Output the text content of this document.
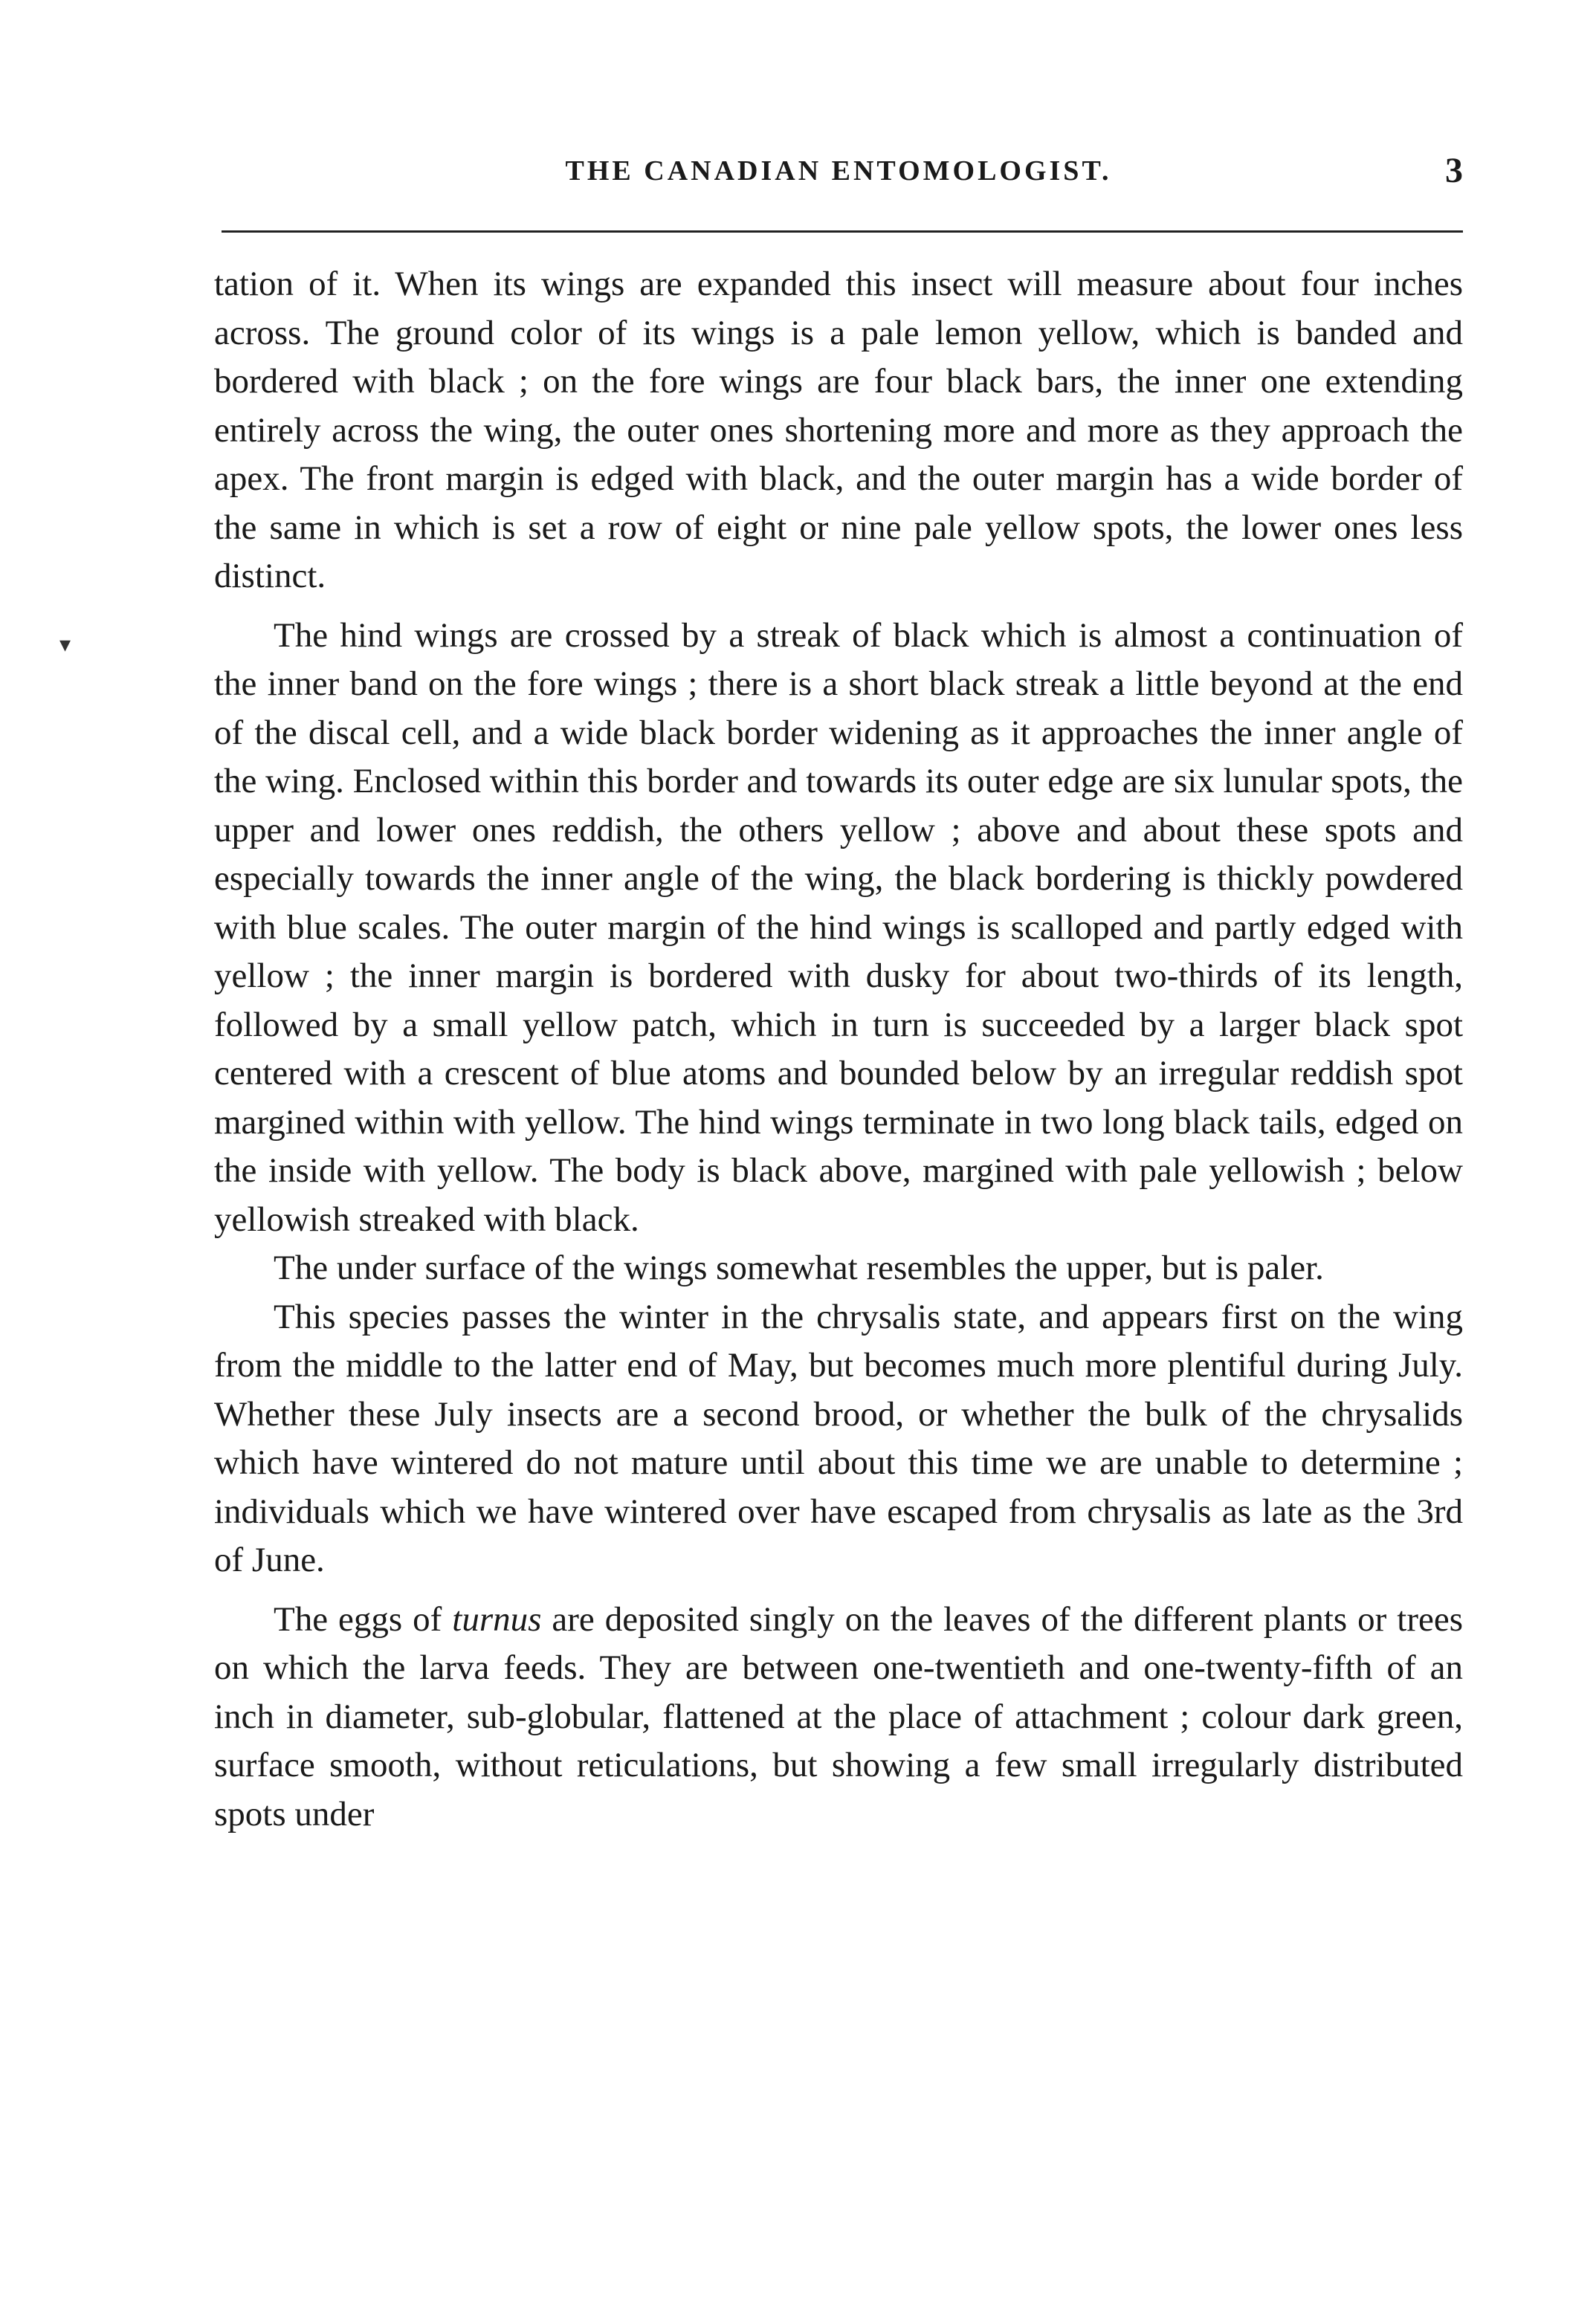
THE CANADIAN ENTOMOLOGIST.	3

tation of it. When its wings are expanded this insect will measure about four inches across. The ground color of its wings is a pale lemon yellow, which is banded and bordered with black ; on the fore wings are four black bars, the inner one extending entirely across the wing, the outer ones shortening more and more as they approach the apex. The front margin is edged with black, and the outer margin has a wide border of the same in which is set a row of eight or nine pale yellow spots, the lower ones less distinct.

The hind wings are crossed by a streak of black which is almost a continuation of the inner band on the fore wings ; there is a short black streak a little beyond at the end of the discal cell, and a wide black border widening as it approaches the inner angle of the wing. Enclosed within this border and towards its outer edge are six lunular spots, the upper and lower ones reddish, the others yellow ; above and about these spots and especially towards the inner angle of the wing, the black bordering is thickly powdered with blue scales. The outer margin of the hind wings is scalloped and partly edged with yellow ; the inner margin is bordered with dusky for about two-thirds of its length, followed by a small yellow patch, which in turn is succeeded by a larger black spot centered with a crescent of blue atoms and bounded below by an irregular reddish spot margined within with yellow. The hind wings terminate in two long black tails, edged on the inside with yellow. The body is black above, margined with pale yellowish ; below yellowish streaked with black.

The under surface of the wings somewhat resembles the upper, but is paler.

This species passes the winter in the chrysalis state, and appears first on the wing from the middle to the latter end of May, but becomes much more plentiful during July. Whether these July insects are a second brood, or whether the bulk of the chrysalids which have wintered do not mature until about this time we are unable to determine ; individuals which we have wintered over have escaped from chrysalis as late as the 3rd of June.

The eggs of turnus are deposited singly on the leaves of the different plants or trees on which the larva feeds. They are between one-twentieth and one-twenty-fifth of an inch in diameter, sub-globular, flattened at the place of attachment ; colour dark green, surface smooth, without reticulations, but showing a few small irregularly distributed spots under

▾
